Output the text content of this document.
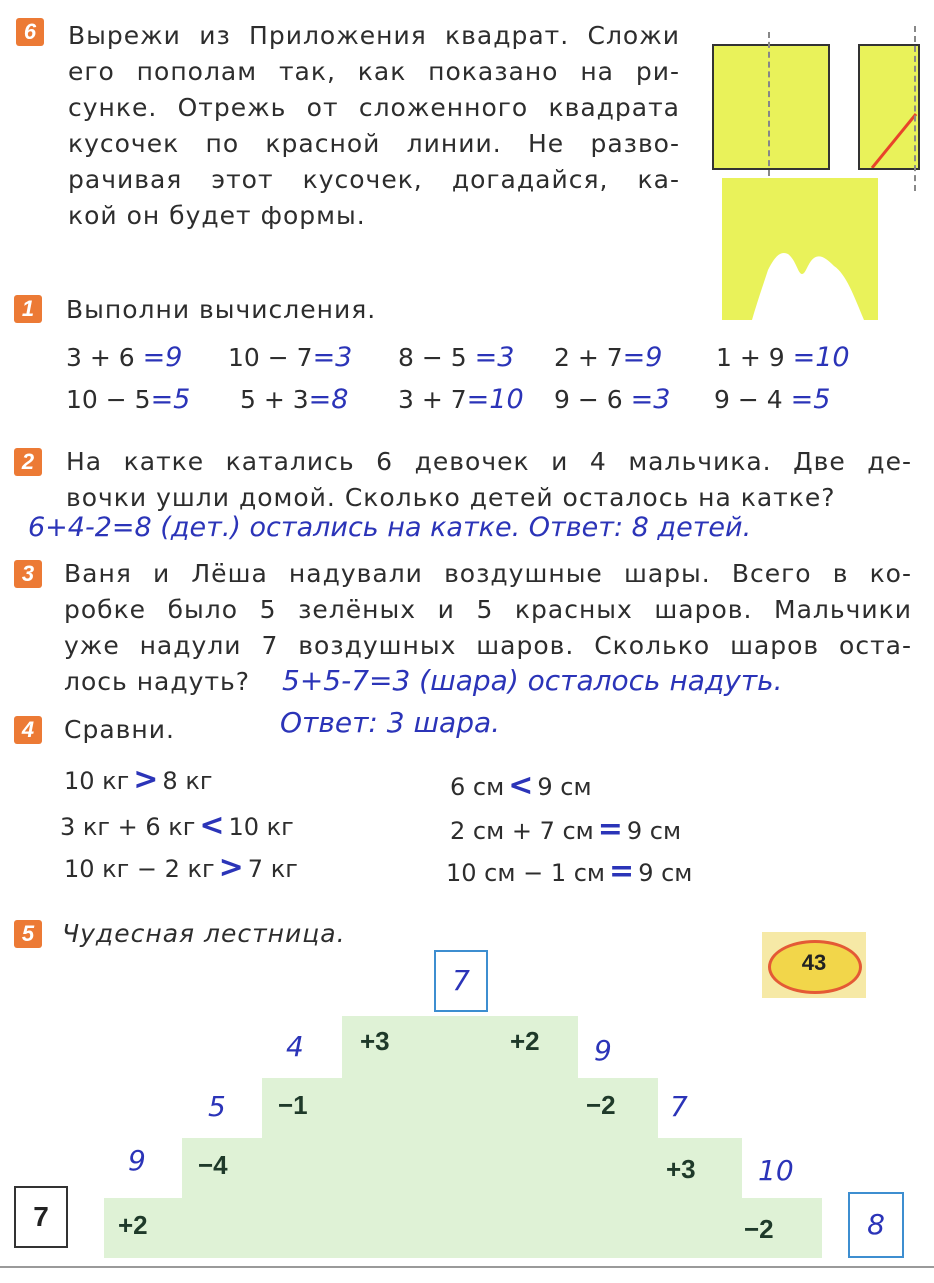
6	Вырежи из Приложения квадрат. Сложи
его пополам так, как показано на ри-
сунке. Отрежь от сложенного квадрата
кусочек по красной линии. Не разво-
рачивая этот кусочек, догадайся, ка-
кой он будет формы.
1	Выполни вычисления.
3 + 6 =9 10 − 7=3 8 − 5 =3 2 + 7=9 1 + 9 =10
10 − 5=5 5 + 3=8 3 + 7=10 9 − 6 =3 9 − 4 =5
2	На катке катались 6 девочек и 4 мальчика. Две де-
вочки ушли домой. Сколько детей осталось на катке?
6+4-2=8 (дет.) остались на катке. Ответ: 8 детей.
3	Ваня и Лёша надували воздушные шары. Всего в ко-
робке было 5 зелёных и 5 красных шаров. Мальчики
уже надули 7 воздушных шаров. Сколько шаров оста-
лось надуть?	5+5-7=3 (шара) осталось надуть.
Ответ: 3 шара.
4	Сравни.
10 кг > 8 кг
3 кг + 6 кг < 10 кг
10 кг − 2 кг > 7 кг
6 см < 9 см
2 см + 7 см = 9 см
10 см − 1 см = 9 см
5	Чудесная лестница.
43
7
7	8
+2
−4
−1
+3
9
5
4	+2
−2
+3
−2
9
7
10
